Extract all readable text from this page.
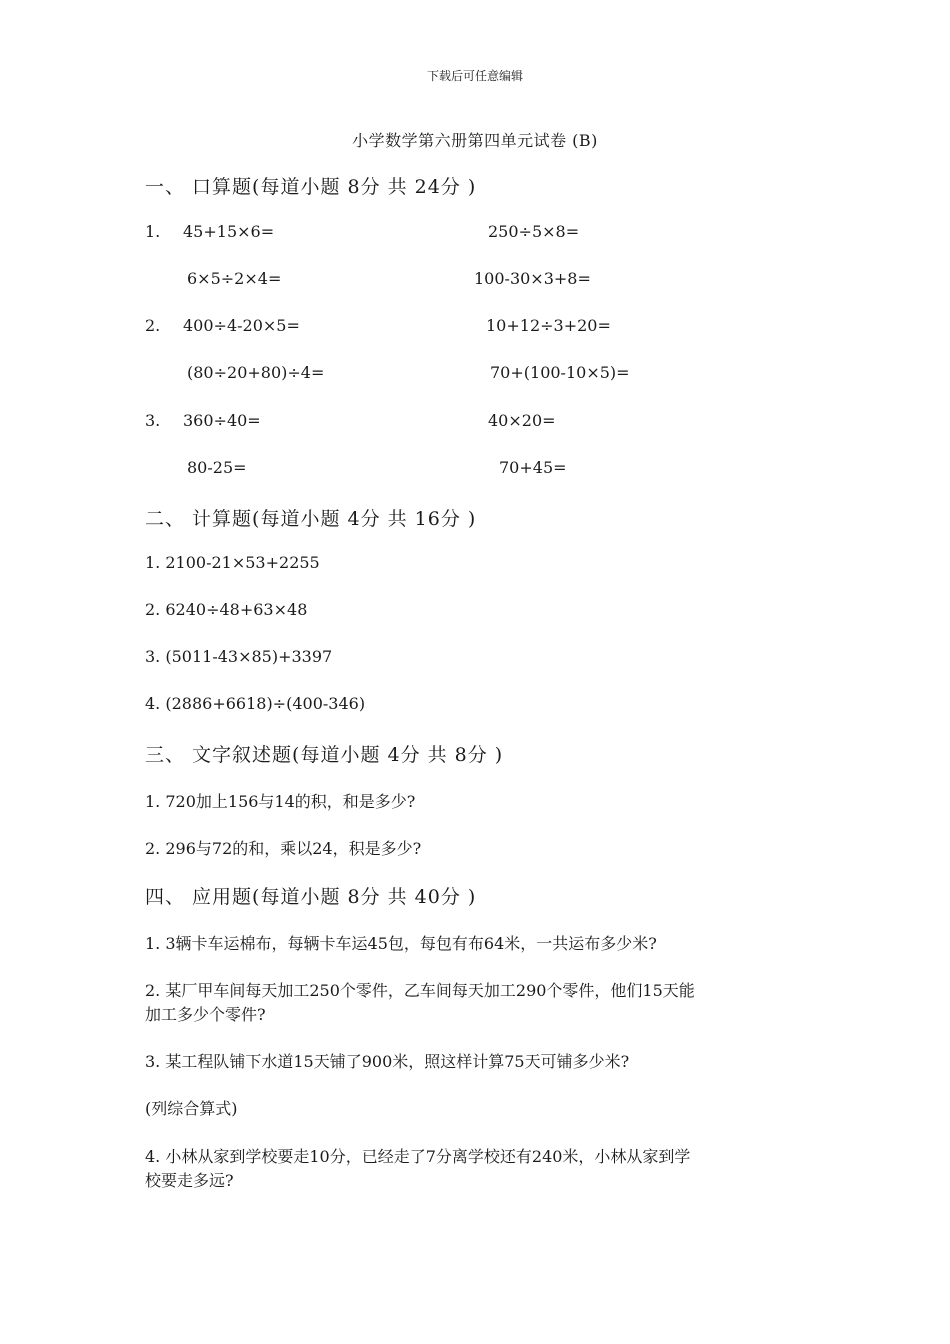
下载后可任意编辑
小学数学第六册第四单元试卷 (B)
一、 口算题(每道小题 8分 共 24分 )
1. 45+15×6=	250÷5×8=
6×5÷2×4=	100-30×3+8=
2. 400÷4-20×5=	10+12÷3+20=
(80÷20+80)÷4=	70+(100-10×5)=
3. 360÷40=	40×20=
80-25=	70+45=
二、 计算题(每道小题 4分 共 16分 )
1. 2100-21×53+2255
2. 6240÷48+63×48
3. (5011-43×85)+3397
4. (2886+6618)÷(400-346)
三、 文字叙述题(每道小题 4分 共 8分 )
1. 720加上156与14的积，和是多少?
2. 296与72的和，乘以24，积是多少?
四、 应用题(每道小题 8分 共 40分 )
1. 3辆卡车运棉布，每辆卡车运45包，每包有布64米，一共运布多少米?
2. 某厂甲车间每天加工250个零件，乙车间每天加工290个零件，他们15天能
加工多少个零件?
3. 某工程队铺下水道15天铺了900米，照这样计算75天可铺多少米?
(列综合算式)
4. 小林从家到学校要走10分，已经走了7分离学校还有240米，小林从家到学
校要走多远?
